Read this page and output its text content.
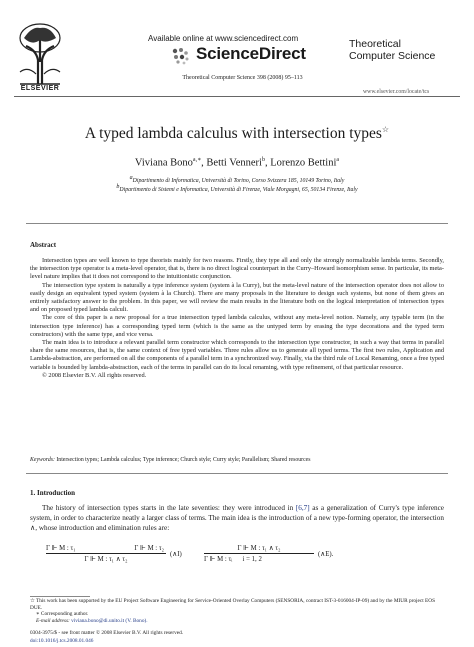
ELSEVIER
Available online at www.sciencedirect.com
ScienceDirect
Theoretical Computer Science 398 (2008) 95–113
Theoretical
Computer Science
www.elsevier.com/locate/tcs
A typed lambda calculus with intersection types☆
Viviana Bono$^{a,∗}$, Betti Venneri$^b$, Lorenzo Bettini$^a$
aDipartimento di Informatica, Università di Torino, Corso Svizzera 185, 10149 Torino, Italy
bDipartimento di Sistemi e Informatica, Università di Firenze, Viale Morgagni, 65, 50134 Firenze, Italy
Abstract

Intersection types are well known to type theorists mainly for two reasons. Firstly, they type all and only the strongly normalizable lambda terms. Secondly, the intersection type operator is a meta-level operator, that is, there is no direct logical counterpart in the Curry–Howard isomorphism sense. In particular, its meta-level nature implies that it does not correspond to the intuitionistic conjunction.

The intersection type system is naturally a type inference system (system à la Curry), but the meta-level nature of the intersection operator does not allow to easily design an equivalent typed system (system à la Church). There are many proposals in the literature to design such systems, but none of them gives an entirely satisfactory answer to the problem. In this paper, we will review the main results in the literature both on the logical interpretation of intersection types and on proposed typed lambda calculi.

The core of this paper is a new proposal for a true intersection typed lambda calculus, without any meta-level notion. Namely, any typable term (in the intersection type inference) has a corresponding typed term (which is the same as the untyped term by erasing the type decorations and the typed term constructors) with the same type, and vice versa.

The main idea is to introduce a relevant parallel term constructor which corresponds to the intersection type constructor, in such a way that terms in parallel share the same resources, that is, the same context of free typed variables. Three rules allow us to generate all typed terms. The first two rules, Application and Lambda-abstraction, are performed on all the components of a parallel term in a synchronized way. Finally, via the third rule of Local Renaming, once a free typed variable is bounded by lambda-abstraction, each of the terms in parallel can do its local renaming, with type refinement, of that particular resource.

© 2008 Elsevier B.V. All rights reserved.

Keywords: Intersection types; Lambda calculus; Type inference; Church style; Curry style; Parallelism; Shared resources
1. Introduction

The history of intersection types starts in the late seventies: they were introduced in [6,7] as a generalization of Curry's type inference system, in order to characterize neatly a larger class of terms. The main idea is the introduction of a new type-forming operator, the intersection ∧, whose introduction and elimination rules are:

Γ ⊩ M : τ₁	Γ ⊩ M : τ₂
Γ ⊩ M : τ₁ ∧ τ₂
(∧I)
Γ ⊩ M : τ₁ ∧ τ₂
Γ ⊩ M : τᵢ      i = 1, 2
(∧E).
☆ This work has been supported by the EU Project Software Engineering for Service-Oriented Overlay Computers (SENSORIA, contract IST-3-016004-IP-09) and by the MIUR project EOS DUE.
∗ Corresponding author.
E-mail address: viviana.bono@di.unito.it (V. Bono).
0304-3975/$ - see front matter © 2008 Elsevier B.V. All rights reserved.
doi:10.1016/j.tcs.2008.01.046
